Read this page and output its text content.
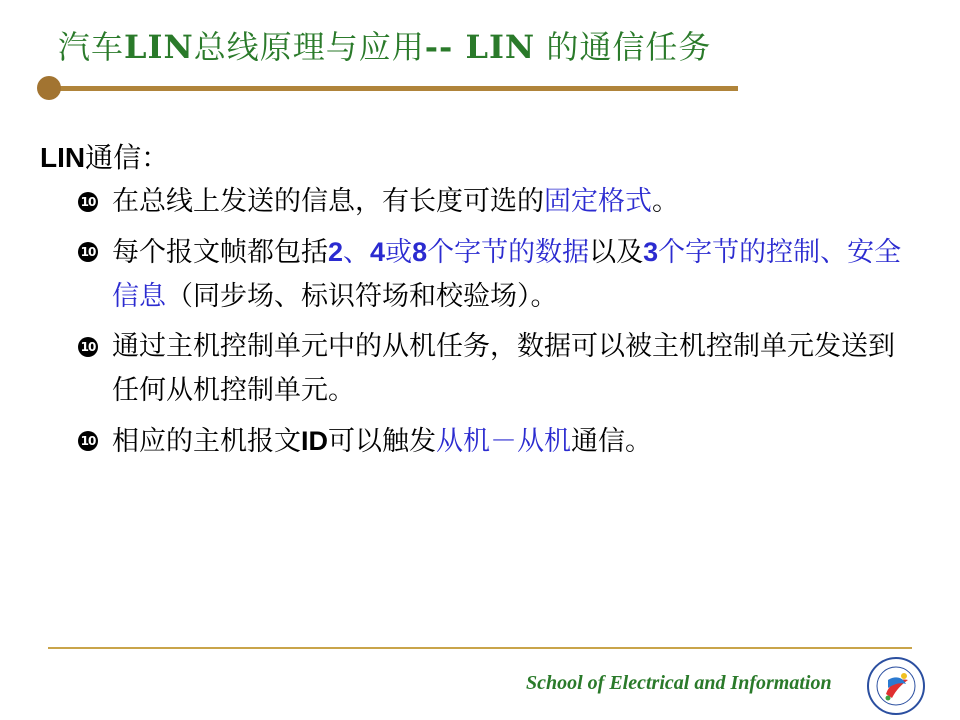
汽车LIN总线原理与应用-- LIN 的通信任务
LIN通信：
10 在总线上发送的信息，有长度可选的固定格式。
10 每个报文帧都包括2、4或8个字节的数据以及3个字节的控制、安全信息（同步场、标识符场和校验场）。
10 通过主机控制单元中的从机任务，数据可以被主机控制单元发送到任何从机控制单元。
10 相应的主机报文ID可以触发从机－从机通信。
School of Electrical and Information
